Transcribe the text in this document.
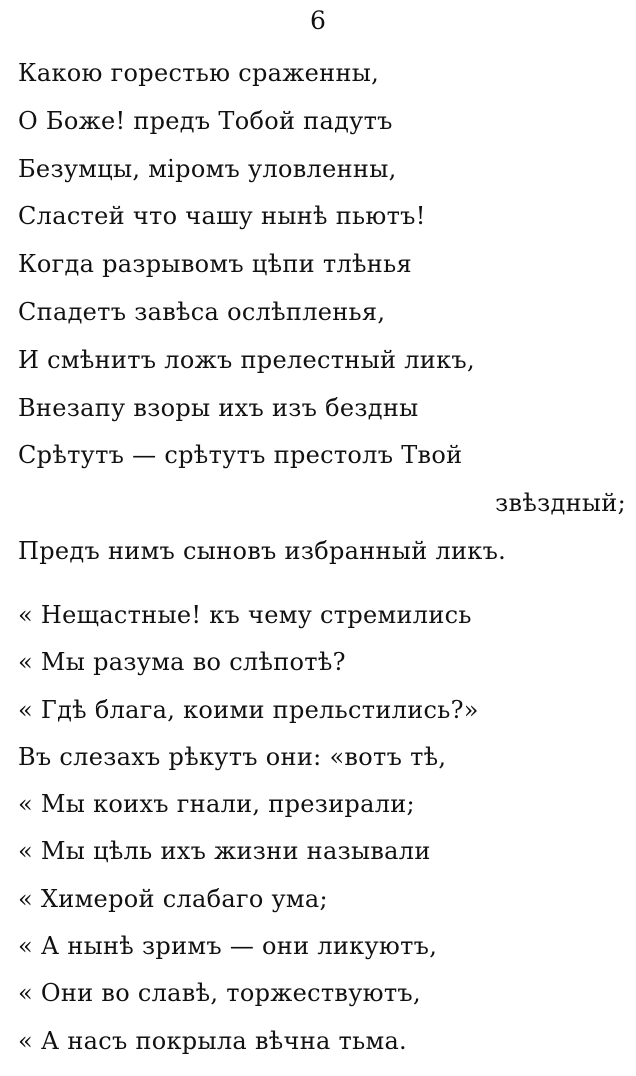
6
Какою горестью сраженны,
О Боже! предъ Тобой падутъ
Безумцы, міромъ уловленны,
Сластей что чашу нынѣ пьютъ!
Когда разрывомъ цѣпи тлѣнья
Спадетъ завѣса ослѣпленья,
И смѣнитъ ложъ прелестный ликъ,
Внезапу взоры ихъ изъ бездны
Срѣтутъ — срѣтутъ престолъ Твой
звѣздный;
Предъ нимъ сыновъ избранный ликъ.
« Нещастные! къ чему стремились
« Мы разума во слѣпотѣ?
« Гдѣ блага, коими прельстились?»
Въ слезахъ рѣкутъ они: «вотъ тѣ,
« Мы коихъ гнали, презирали;
« Мы цѣль ихъ жизни называли
« Химерой слабаго ума;
« А нынѣ зримъ — они ликуютъ,
« Они во славѣ, торжествуютъ,
« А насъ покрыла вѣчна тьма.
